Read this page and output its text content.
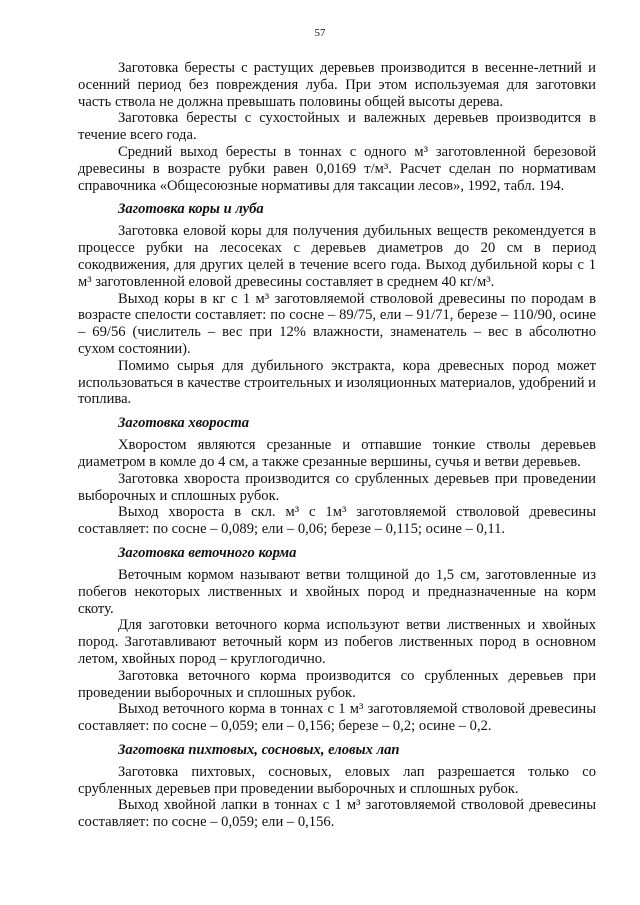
57

Заготовка бересты с растущих деревьев производится в весенне-летний и осенний период без повреждения луба. При этом используемая для заготовки часть ствола не должна превышать половины общей высоты дерева.

Заготовка бересты с сухостойных и валежных деревьев производится в течение всего года.

Средний выход бересты в тоннах с одного м³ заготовленной березовой древесины в возрасте рубки равен 0,0169 т/м³. Расчет сделан по нормативам справочника «Общесоюзные нормативы для таксации лесов», 1992, табл. 194.

Заготовка коры и луба

Заготовка еловой коры для получения дубильных веществ рекомендуется в процессе рубки на лесосеках с деревьев диаметров до 20 см в период сокодвижения, для других целей в течение всего года. Выход дубильной коры с 1 м³ заготовленной еловой древесины составляет в среднем 40 кг/м³.

Выход коры в кг с 1 м³ заготовляемой стволовой древесины по породам в возрасте спелости составляет: по сосне – 89/75, ели – 91/71, березе – 110/90, осине – 69/56 (числитель – вес при 12% влажности, знаменатель – вес в абсолютно сухом состоянии).

Помимо сырья для дубильного экстракта, кора древесных пород может использоваться в качестве строительных и изоляционных материалов, удобрений и топлива.

Заготовка хвороста

Хворостом являются срезанные и отпавшие тонкие стволы деревьев диаметром в комле до 4 см, а также срезанные вершины, сучья и ветви деревьев.

Заготовка хвороста производится со срубленных деревьев при проведении выборочных и сплошных рубок.

Выход хвороста в скл. м³ с 1м³ заготовляемой стволовой древесины составляет: по сосне – 0,089; ели – 0,06; березе – 0,115; осине – 0,11.

Заготовка веточного корма

Веточным кормом называют ветви толщиной до 1,5 см, заготовленные из побегов некоторых лиственных и хвойных пород и предназначенные на корм скоту.

Для заготовки веточного корма используют ветви лиственных и хвойных пород. Заготавливают веточный корм из побегов лиственных пород в основном летом, хвойных пород – круглогодично.

Заготовка веточного корма производится со срубленных деревьев при проведении выборочных и сплошных рубок.

Выход веточного корма в тоннах с 1 м³ заготовляемой стволовой древесины составляет: по сосне – 0,059; ели – 0,156; березе – 0,2; осине – 0,2.

Заготовка пихтовых, сосновых, еловых лап

Заготовка пихтовых, сосновых, еловых лап разрешается только со срубленных деревьев при проведении выборочных и сплошных рубок.

Выход хвойной лапки в тоннах с 1 м³ заготовляемой стволовой древесины составляет: по сосне – 0,059; ели – 0,156.
